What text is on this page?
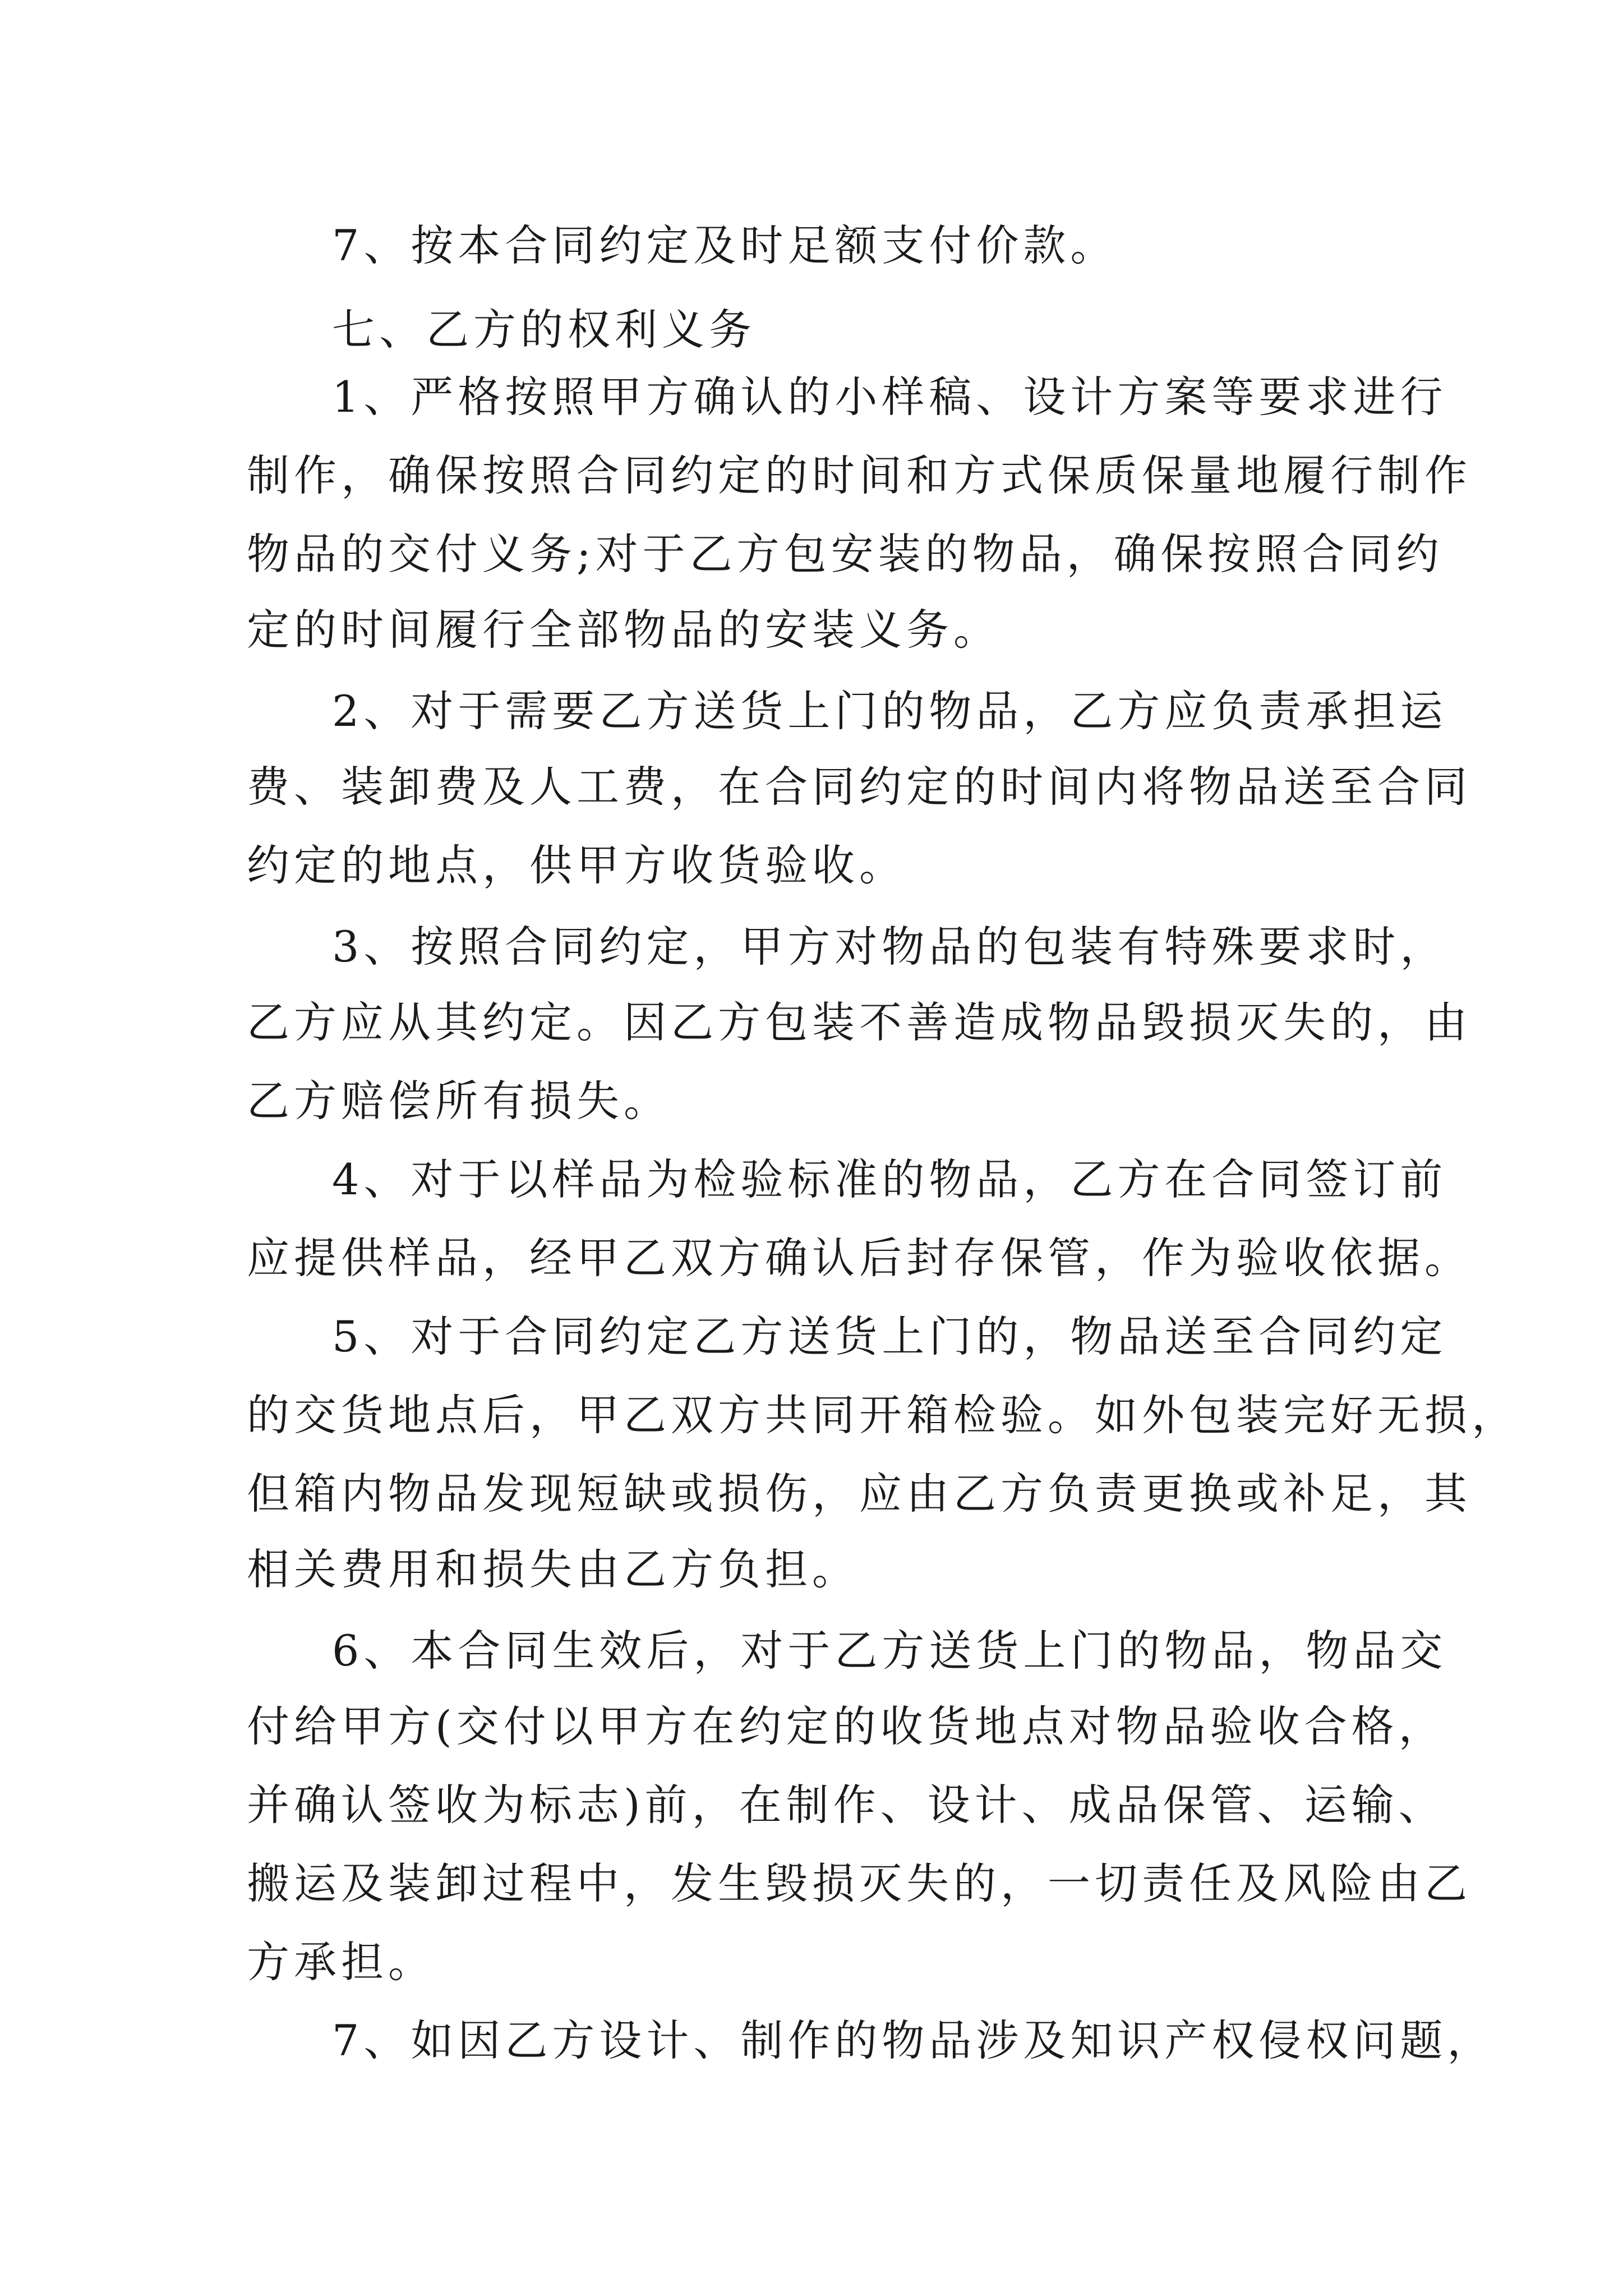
7、按本合同约定及时足额支付价款。
七、乙方的权利义务
1、严格按照甲方确认的小样稿、设计方案等要求进行
制作，确保按照合同约定的时间和方式保质保量地履行制作
物品的交付义务;对于乙方包安装的物品，确保按照合同约
定的时间履行全部物品的安装义务。
2、对于需要乙方送货上门的物品，乙方应负责承担运
费、装卸费及人工费，在合同约定的时间内将物品送至合同
约定的地点，供甲方收货验收。
3、按照合同约定，甲方对物品的包装有特殊要求时，
乙方应从其约定。因乙方包装不善造成物品毁损灭失的，由
乙方赔偿所有损失。
4、对于以样品为检验标准的物品，乙方在合同签订前
应提供样品，经甲乙双方确认后封存保管，作为验收依据。
5、对于合同约定乙方送货上门的，物品送至合同约定
的交货地点后，甲乙双方共同开箱检验。如外包装完好无损，
但箱内物品发现短缺或损伤，应由乙方负责更换或补足，其
相关费用和损失由乙方负担。
6、本合同生效后，对于乙方送货上门的物品，物品交
付给甲方(交付以甲方在约定的收货地点对物品验收合格，
并确认签收为标志)前，在制作、设计、成品保管、运输、
搬运及装卸过程中，发生毁损灭失的，一切责任及风险由乙
方承担。
7、如因乙方设计、制作的物品涉及知识产权侵权问题，
